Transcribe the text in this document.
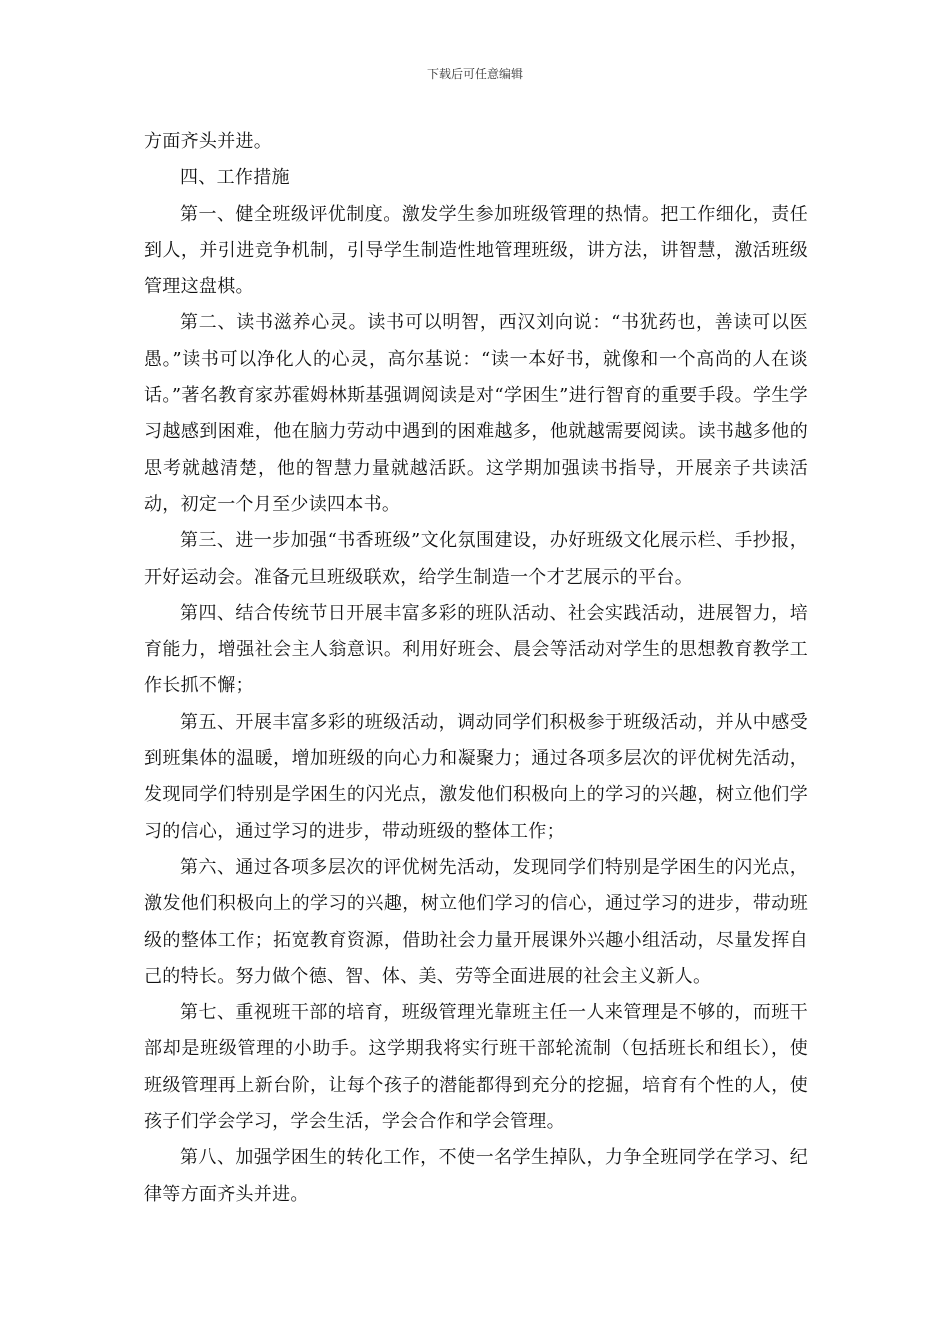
下载后可任意编辑

方面齐头并进。

四、工作措施

第一、健全班级评优制度。激发学生参加班级管理的热情。把工作细化，责任到人，并引进竞争机制，引导学生制造性地管理班级，讲方法，讲智慧，激活班级管理这盘棋。

第二、读书滋养心灵。读书可以明智，西汉刘向说：“书犹药也，善读可以医愚。”读书可以净化人的心灵，高尔基说：“读一本好书，就像和一个高尚的人在谈话。”著名教育家苏霍姆林斯基强调阅读是对“学困生”进行智育的重要手段。学生学习越感到困难，他在脑力劳动中遇到的困难越多，他就越需要阅读。读书越多他的思考就越清楚，他的智慧力量就越活跃。这学期加强读书指导，开展亲子共读活动，初定一个月至少读四本书。

第三、进一步加强“书香班级”文化氛围建设，办好班级文化展示栏、手抄报，开好运动会。准备元旦班级联欢，给学生制造一个才艺展示的平台。

第四、结合传统节日开展丰富多彩的班队活动、社会实践活动，进展智力，培育能力，增强社会主人翁意识。利用好班会、晨会等活动对学生的思想教育教学工作长抓不懈；

第五、开展丰富多彩的班级活动，调动同学们积极参于班级活动，并从中感受到班集体的温暖，增加班级的向心力和凝聚力；通过各项多层次的评优树先活动，发现同学们特别是学困生的闪光点，激发他们积极向上的学习的兴趣，树立他们学习的信心，通过学习的进步，带动班级的整体工作；

第六、通过各项多层次的评优树先活动，发现同学们特别是学困生的闪光点，激发他们积极向上的学习的兴趣，树立他们学习的信心，通过学习的进步，带动班级的整体工作；拓宽教育资源，借助社会力量开展课外兴趣小组活动，尽量发挥自己的特长。努力做个德、智、体、美、劳等全面进展的社会主义新人。

第七、重视班干部的培育，班级管理光靠班主任一人来管理是不够的，而班干部却是班级管理的小助手。这学期我将实行班干部轮流制（包括班长和组长），使班级管理再上新台阶，让每个孩子的潜能都得到充分的挖掘，培育有个性的人，使孩子们学会学习，学会生活，学会合作和学会管理。

第八、加强学困生的转化工作，不使一名学生掉队，力争全班同学在学习、纪律等方面齐头并进。
